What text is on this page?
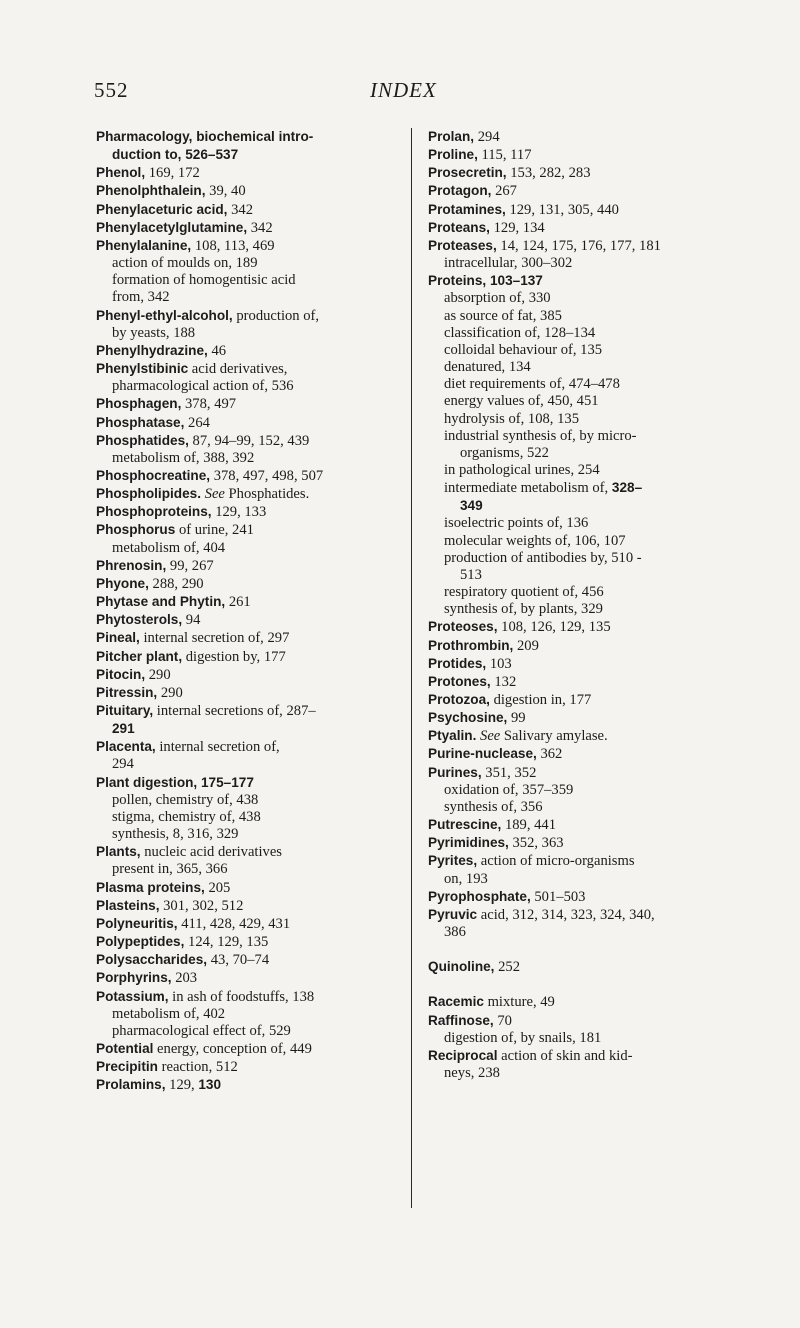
552	INDEX

Pharmacology, biochemical intro-

duction to, 526–537

Phenol, 169, 172

Phenolphthalein, 39, 40

Phenylaceturic acid, 342

Phenylacetylglutamine, 342

Phenylalanine, 108, 113, 469

action of moulds on, 189

formation of homogentisic acid

from, 342

Phenyl-ethyl-alcohol, production of,

by yeasts, 188

Phenylhydrazine, 46

Phenylstibinic acid derivatives,

pharmacological action of, 536

Phosphagen, 378, 497

Phosphatase, 264

Phosphatides, 87, 94–99, 152, 439

metabolism of, 388, 392

Phosphocreatine, 378, 497, 498, 507

Phospholipides. See Phosphatides.

Phosphoproteins, 129, 133

Phosphorus of urine, 241

metabolism of, 404

Phrenosin, 99, 267

Phyone, 288, 290

Phytase and Phytin, 261

Phytosterols, 94

Pineal, internal secretion of, 297

Pitcher plant, digestion by, 177

Pitocin, 290

Pitressin, 290

Pituitary, internal secretions of, 287–

291

Placenta, internal secretion of,

294

Plant digestion, 175–177

pollen, chemistry of, 438

stigma, chemistry of, 438

synthesis, 8, 316, 329

Plants, nucleic acid derivatives

present in, 365, 366

Plasma proteins, 205

Plasteins, 301, 302, 512

Polyneuritis, 411, 428, 429, 431

Polypeptides, 124, 129, 135

Polysaccharides, 43, 70–74

Porphyrins, 203

Potassium, in ash of foodstuffs, 138

metabolism of, 402

pharmacological effect of, 529

Potential energy, conception of, 449

Precipitin reaction, 512

Prolamins, 129, 130

Prolan, 294

Proline, 115, 117

Prosecretin, 153, 282, 283

Protagon, 267

Protamines, 129, 131, 305, 440

Proteans, 129, 134

Proteases, 14, 124, 175, 176, 177, 181

intracellular, 300–302

Proteins, 103–137

absorption of, 330

as source of fat, 385

classification of, 128–134

colloidal behaviour of, 135

denatured, 134

diet requirements of, 474–478

energy values of, 450, 451

hydrolysis of, 108, 135

industrial synthesis of, by micro-

organisms, 522

in pathological urines, 254

intermediate metabolism of, 328–

349

isoelectric points of, 136

molecular weights of, 106, 107

production of antibodies by, 510 -

513

respiratory quotient of, 456

synthesis of, by plants, 329

Proteoses, 108, 126, 129, 135

Prothrombin, 209

Protides, 103

Protones, 132

Protozoa, digestion in, 177

Psychosine, 99

Ptyalin. See Salivary amylase.

Purine-nuclease, 362

Purines, 351, 352

oxidation of, 357–359

synthesis of, 356

Putrescine, 189, 441

Pyrimidines, 352, 363

Pyrites, action of micro-organisms

on, 193

Pyrophosphate, 501–503

Pyruvic acid, 312, 314, 323, 324, 340,

386

Quinoline, 252

Racemic mixture, 49

Raffinose, 70

digestion of, by snails, 181

Reciprocal action of skin and kid-

neys, 238
